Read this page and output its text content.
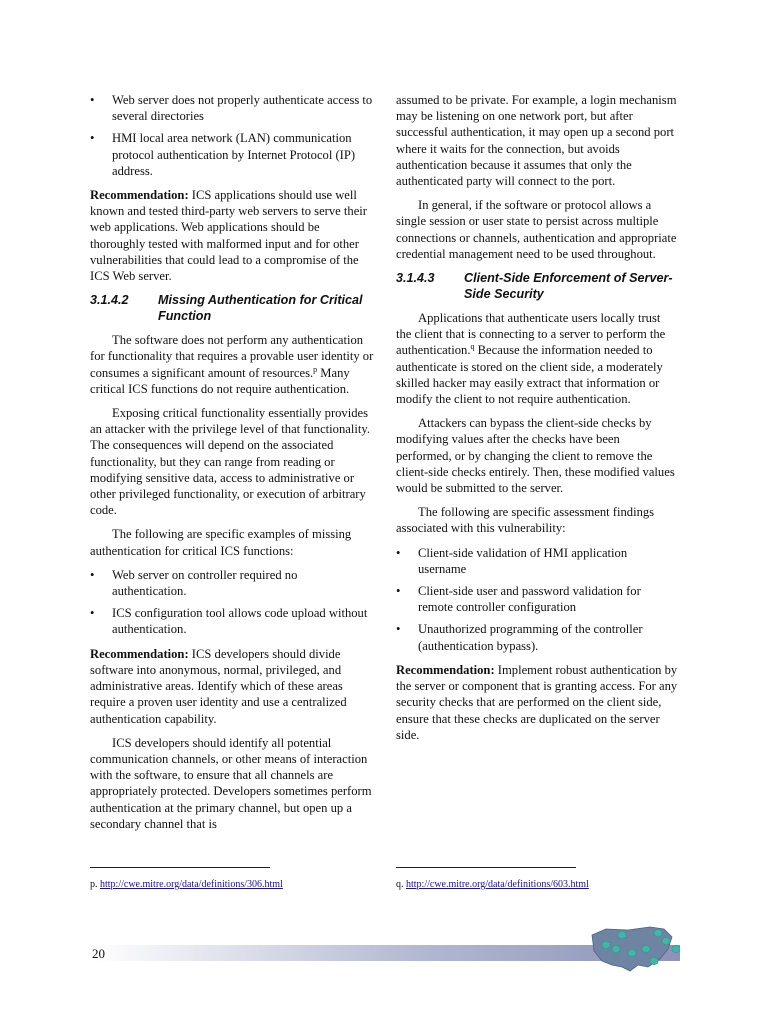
• Web server does not properly authenticate access to several directories
• HMI local area network (LAN) communication protocol authentication by Internet Protocol (IP) address.

Recommendation: ICS applications should use well known and tested third-party web servers to serve their web applications. Web applications should be thoroughly tested with malformed input and for other vulnerabilities that could lead to a compromise of the ICS Web server.

3.1.4.2	Missing Authentication for Critical Function

The software does not perform any authentication for functionality that requires a provable user identity or consumes a significant amount of resources.$^p$ Many critical ICS functions do not require authentication.

Exposing critical functionality essentially provides an attacker with the privilege level of that functionality. The consequences will depend on the associated functionality, but they can range from reading or modifying sensitive data, access to administrative or other privileged functionality, or execution of arbitrary code.

The following are specific examples of missing authentication for critical ICS functions:

• Web server on controller required no authentication.
• ICS configuration tool allows code upload without authentication.

Recommendation: ICS developers should divide software into anonymous, normal, privileged, and administrative areas. Identify which of these areas require a proven user identity and use a centralized authentication capability.

ICS developers should identify all potential communication channels, or other means of interaction with the software, to ensure that all channels are appropriately protected. Developers sometimes perform authentication at the primary channel, but open up a secondary channel that is

assumed to be private. For example, a login mechanism may be listening on one network port, but after successful authentication, it may open up a second port where it waits for the connection, but avoids authentication because it assumes that only the authenticated party will connect to the port.

In general, if the software or protocol allows a single session or user state to persist across multiple connections or channels, authentication and appropriate credential management need to be used throughout.

3.1.4.3	Client-Side Enforcement of Server-Side Security

Applications that authenticate users locally trust the client that is connecting to a server to perform the authentication.$^q$ Because the information needed to authenticate is stored on the client side, a moderately skilled hacker may easily extract that information or modify the client to not require authentication.

Attackers can bypass the client-side checks by modifying values after the checks have been performed, or by changing the client to remove the client-side checks entirely. Then, these modified values would be submitted to the server.

The following are specific assessment findings associated with this vulnerability:

• Client-side validation of HMI application username
• Client-side user and password validation for remote controller configuration
• Unauthorized programming of the controller (authentication bypass).

Recommendation: Implement robust authentication by the server or component that is granting access. For any security checks that are performed on the client side, ensure that these checks are duplicated on the server side.

p. http://cwe.mitre.org/data/definitions/306.html	q. http://cwe.mitre.org/data/definitions/603.html
20
